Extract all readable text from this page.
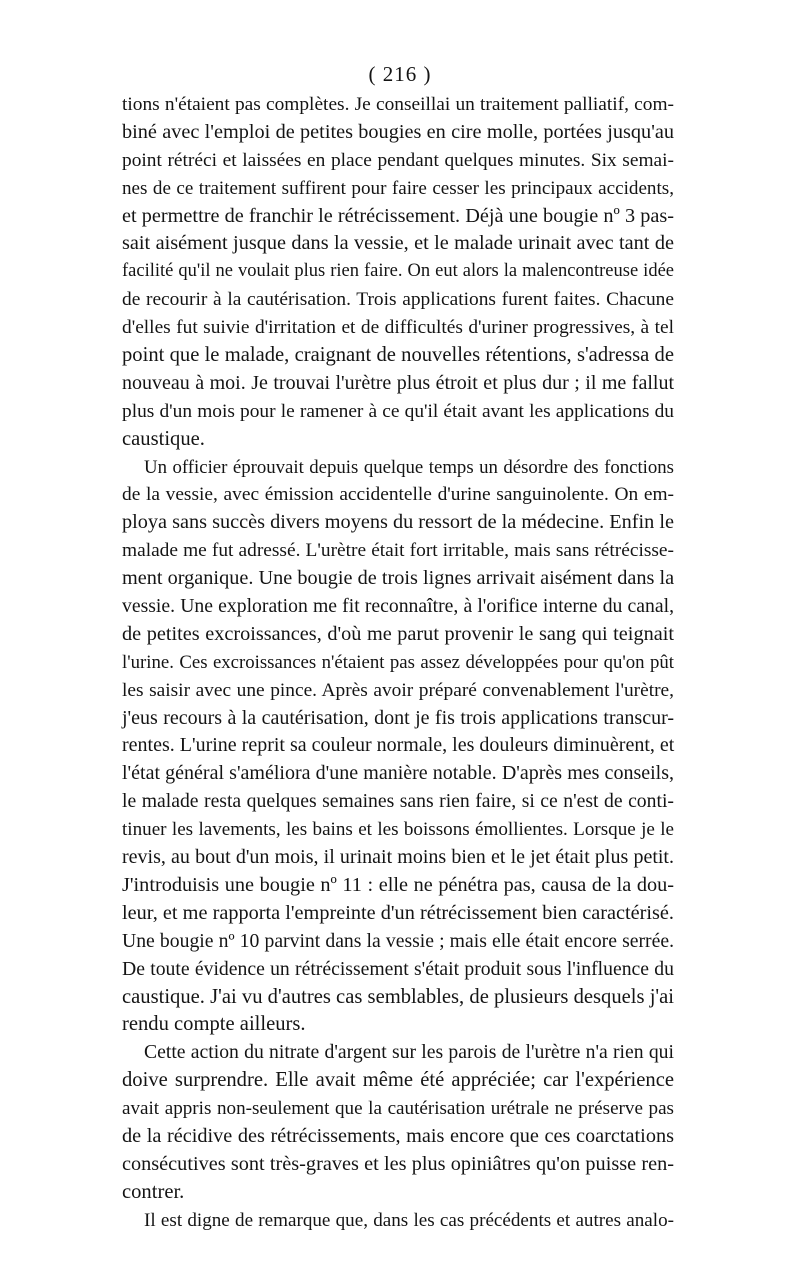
( 216 )
tions n'étaient pas complètes. Je conseillai un traitement palliatif, com-
biné avec l'emploi de petites bougies en cire molle, portées jusqu'au
point rétréci et laissées en place pendant quelques minutes. Six semai-
nes de ce traitement suffirent pour faire cesser les principaux accidents,
et permettre de franchir le rétrécissement. Déjà une bougie nº 3 pas-
sait aisément jusque dans la vessie, et le malade urinait avec tant de
facilité qu'il ne voulait plus rien faire. On eut alors la malencontreuse idée
de recourir à la cautérisation. Trois applications furent faites. Chacune
d'elles fut suivie d'irritation et de difficultés d'uriner progressives, à tel
point que le malade, craignant de nouvelles rétentions, s'adressa de
nouveau à moi. Je trouvai l'urètre plus étroit et plus dur ; il me fallut
plus d'un mois pour le ramener à ce qu'il était avant les applications du
caustique.
Un officier éprouvait depuis quelque temps un désordre des fonctions
de la vessie, avec émission accidentelle d'urine sanguinolente. On em-
ploya sans succès divers moyens du ressort de la médecine. Enfin le
malade me fut adressé. L'urètre était fort irritable, mais sans rétrécisse-
ment organique. Une bougie de trois lignes arrivait aisément dans la
vessie. Une exploration me fit reconnaître, à l'orifice interne du canal,
de petites excroissances, d'où me parut provenir le sang qui teignait
l'urine. Ces excroissances n'étaient pas assez développées pour qu'on pût
les saisir avec une pince. Après avoir préparé convenablement l'urètre,
j'eus recours à la cautérisation, dont je fis trois applications transcur-
rentes. L'urine reprit sa couleur normale, les douleurs diminuèrent, et
l'état général s'améliora d'une manière notable. D'après mes conseils,
le malade resta quelques semaines sans rien faire, si ce n'est de conti-
tinuer les lavements, les bains et les boissons émollientes. Lorsque je le
revis, au bout d'un mois, il urinait moins bien et le jet était plus petit.
J'introduisis une bougie nº 11 : elle ne pénétra pas, causa de la dou-
leur, et me rapporta l'empreinte d'un rétrécissement bien caractérisé.
Une bougie nº 10 parvint dans la vessie ; mais elle était encore serrée.
De toute évidence un rétrécissement s'était produit sous l'influence du
caustique. J'ai vu d'autres cas semblables, de plusieurs desquels j'ai
rendu compte ailleurs.
Cette action du nitrate d'argent sur les parois de l'urètre n'a rien qui
doive surprendre. Elle avait même été appréciée; car l'expérience
avait appris non-seulement que la cautérisation urétrale ne préserve pas
de la récidive des rétrécissements, mais encore que ces coarctations
consécutives sont très-graves et les plus opiniâtres qu'on puisse ren-
contrer.
Il est digne de remarque que, dans les cas précédents et autres analo-
